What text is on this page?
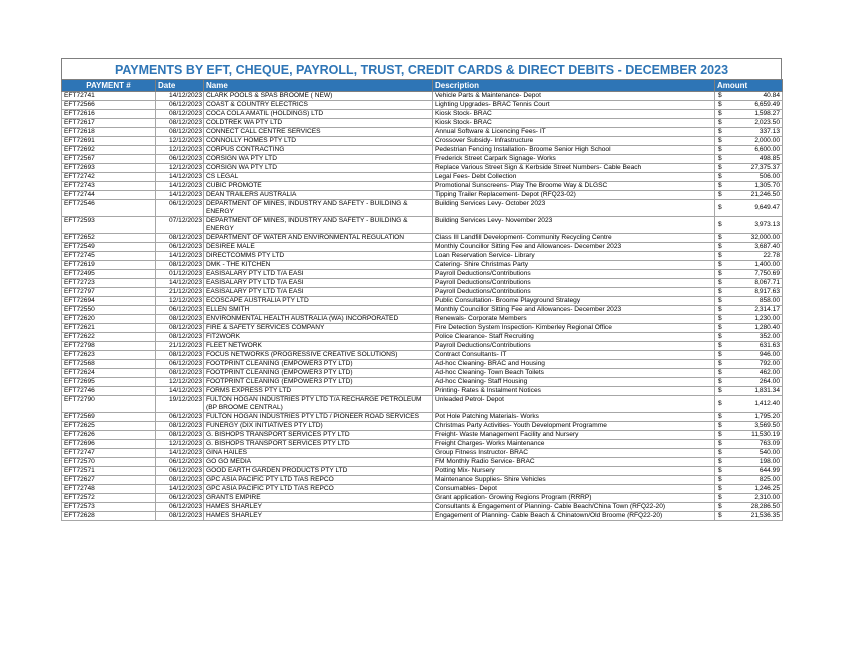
PAYMENTS BY EFT, CHEQUE, PAYROLL, TRUST, CREDIT CARDS & DIRECT DEBITS - DECEMBER 2023
PAYMENT #	Date	Name	Description	Amount
EFT72741	14/12/2023	CLARK POOLS & SPAS BROOME ( NEW)	Vehicle Parts & Maintenance- Depot	$ 40.84

EFT72566	06/12/2023	COAST & COUNTRY ELECTRICS	Lighting Upgrades- BRAC Tennis Court	$ 6,659.49

EFT72616	08/12/2023	COCA COLA AMATIL (HOLDINGS) LTD	Kiosk Stock- BRAC	$ 1,598.27

EFT72617	08/12/2023	COLDTREK WA PTY LTD	Kiosk Stock- BRAC	$ 2,023.50

EFT72618	08/12/2023	CONNECT CALL CENTRE SERVICES	Annual Software & Licencing Fees- IT	$ 337.13

EFT72691	12/12/2023	CONNOLLY HOMES PTY LTD	Crossover Subsidy- Infrastructure	$ 2,000.00

EFT72692	12/12/2023	CORPUS CONTRACTING	Pedestrian Fencing Installation- Broome Senior High School	$ 6,600.00

EFT72567	06/12/2023	CORSIGN WA PTY LTD	Frederick Street Carpark Signage- Works	$ 498.85

EFT72693	12/12/2023	CORSIGN WA PTY LTD	Replace Various Street Sign & Kerbside Street Numbers- Cable Beach	$ 27,375.37

EFT72742	14/12/2023	CS LEGAL	Legal Fees- Debt Collection	$ 506.00

EFT72743	14/12/2023	CUBIC PROMOTE	Promotional Sunscreens- Play The Broome Way & DLGSC	$ 1,305.70

EFT72744	14/12/2023	DEAN TRAILERS AUSTRALIA	Tipping Trailer Replacement- Depot (RFQ23-02)	$ 21,246.50

EFT72546	06/12/2023	DEPARTMENT OF MINES, INDUSTRY AND SAFETY - BUILDING & ENERGY	Building Services Levy- October 2023	$ 9,649.47

EFT72593	07/12/2023	DEPARTMENT OF MINES, INDUSTRY AND SAFETY - BUILDING & ENERGY	Building Services Levy- November 2023	$ 3,973.13

EFT72652	08/12/2023	DEPARTMENT OF WATER AND ENVIRONMENTAL REGULATION	Class III Landfill Development- Community Recycling Centre	$ 32,000.00

EFT72549	06/12/2023	DESIREE MALE	Monthly Councillor Sitting Fee and Allowances- December 2023	$ 3,687.40

EFT72745	14/12/2023	DIRECTCOMMS PTY LTD	Loan Reservation Service- Library	$ 22.78

EFT72619	08/12/2023	DMK - THE KITCHEN	Catering- Shire Christmas Party	$ 1,400.00

EFT72495	01/12/2023	EASISALARY PTY LTD T/A EASI	Payroll Deductions/Contributions	$ 7,750.69

EFT72723	14/12/2023	EASISALARY PTY LTD T/A EASI	Payroll Deductions/Contributions	$ 8,067.71

EFT72797	21/12/2023	EASISALARY PTY LTD T/A EASI	Payroll Deductions/Contributions	$ 8,917.63

EFT72694	12/12/2023	ECOSCAPE AUSTRALIA PTY LTD	Public Consultation- Broome Playground Strategy	$ 858.00

EFT72550	06/12/2023	ELLEN SMITH	Monthly Councillor Sitting Fee and Allowances- December 2023	$ 2,314.17

EFT72620	08/12/2023	ENVIRONMENTAL HEALTH AUSTRALIA (WA) INCORPORATED	Renewals- Corporate Members	$ 1,230.00

EFT72621	08/12/2023	FIRE & SAFETY SERVICES COMPANY	Fire Detection System Inspection- Kimberley Regional Office	$ 1,280.40

EFT72622	08/12/2023	FIT2WORK	Police Clearance- Staff Recruiting	$ 352.00

EFT72798	21/12/2023	FLEET NETWORK	Payroll Deductions/Contributions	$ 631.63

EFT72623	08/12/2023	FOCUS NETWORKS (PROGRESSIVE CREATIVE SOLUTIONS)	Contract Consultants- IT	$ 946.00

EFT72568	06/12/2023	FOOTPRINT CLEANING (EMPOWER3 PTY LTD)	Ad-hoc Cleaning- BRAC and Housing	$ 792.00

EFT72624	08/12/2023	FOOTPRINT CLEANING (EMPOWER3 PTY LTD)	Ad-hoc Cleaning- Town Beach Toilets	$ 462.00

EFT72695	12/12/2023	FOOTPRINT CLEANING (EMPOWER3 PTY LTD)	Ad-hoc Cleaning- Staff Housing	$ 264.00

EFT72746	14/12/2023	FORMS EXPRESS PTY LTD	Printing- Rates & Instalment Notices	$ 1,831.34

EFT72790	19/12/2023	FULTON HOGAN INDUSTRIES PTY LTD T/A RECHARGE PETROLEUM (BP BROOME CENTRAL)	Unleaded Petrol- Depot	$ 1,412.40

EFT72569	06/12/2023	FULTON HOGAN INDUSTRIES PTY LTD / PIONEER ROAD SERVICES	Pot Hole Patching Materials- Works	$ 1,795.20

EFT72625	08/12/2023	FUNERGY (DIX INITIATIVES PTY LTD)	Christmas Party Activities- Youth Development Programme	$ 3,569.50

EFT72626	08/12/2023	G. BISHOPS TRANSPORT SERVICES PTY LTD	Freight- Waste Management Facility and Nursery	$ 11,530.19

EFT72696	12/12/2023	G. BISHOPS TRANSPORT SERVICES PTY LTD	Freight Charges- Works Maintenance	$ 763.09

EFT72747	14/12/2023	GINA HAILES	Group Fitness Instructor- BRAC	$ 540.00

EFT72570	06/12/2023	GO GO MEDIA	FM Monthly Radio Service- BRAC	$ 198.00

EFT72571	06/12/2023	GOOD EARTH GARDEN PRODUCTS PTY LTD	Potting Mix- Nursery	$ 644.99

EFT72627	08/12/2023	GPC ASIA PACIFIC PTY LTD T/AS REPCO	Maintenance Supplies- Shire Vehicles	$ 825.00

EFT72748	14/12/2023	GPC ASIA PACIFIC PTY LTD T/AS REPCO	Consumables- Depot	$ 1,246.25

EFT72572	06/12/2023	GRANTS EMPIRE	Grant application- Growing Regions Program (RRRP)	$ 2,310.00

EFT72573	06/12/2023	HAMES SHARLEY	Consultants & Engagement of Planning- Cable Beach/China Town (RFQ22-20)	$ 28,286.50

EFT72628	08/12/2023	HAMES SHARLEY	Engagement of Planning- Cable Beach & Chinatown/Old Broome (RFQ22-20)	$ 21,536.35
